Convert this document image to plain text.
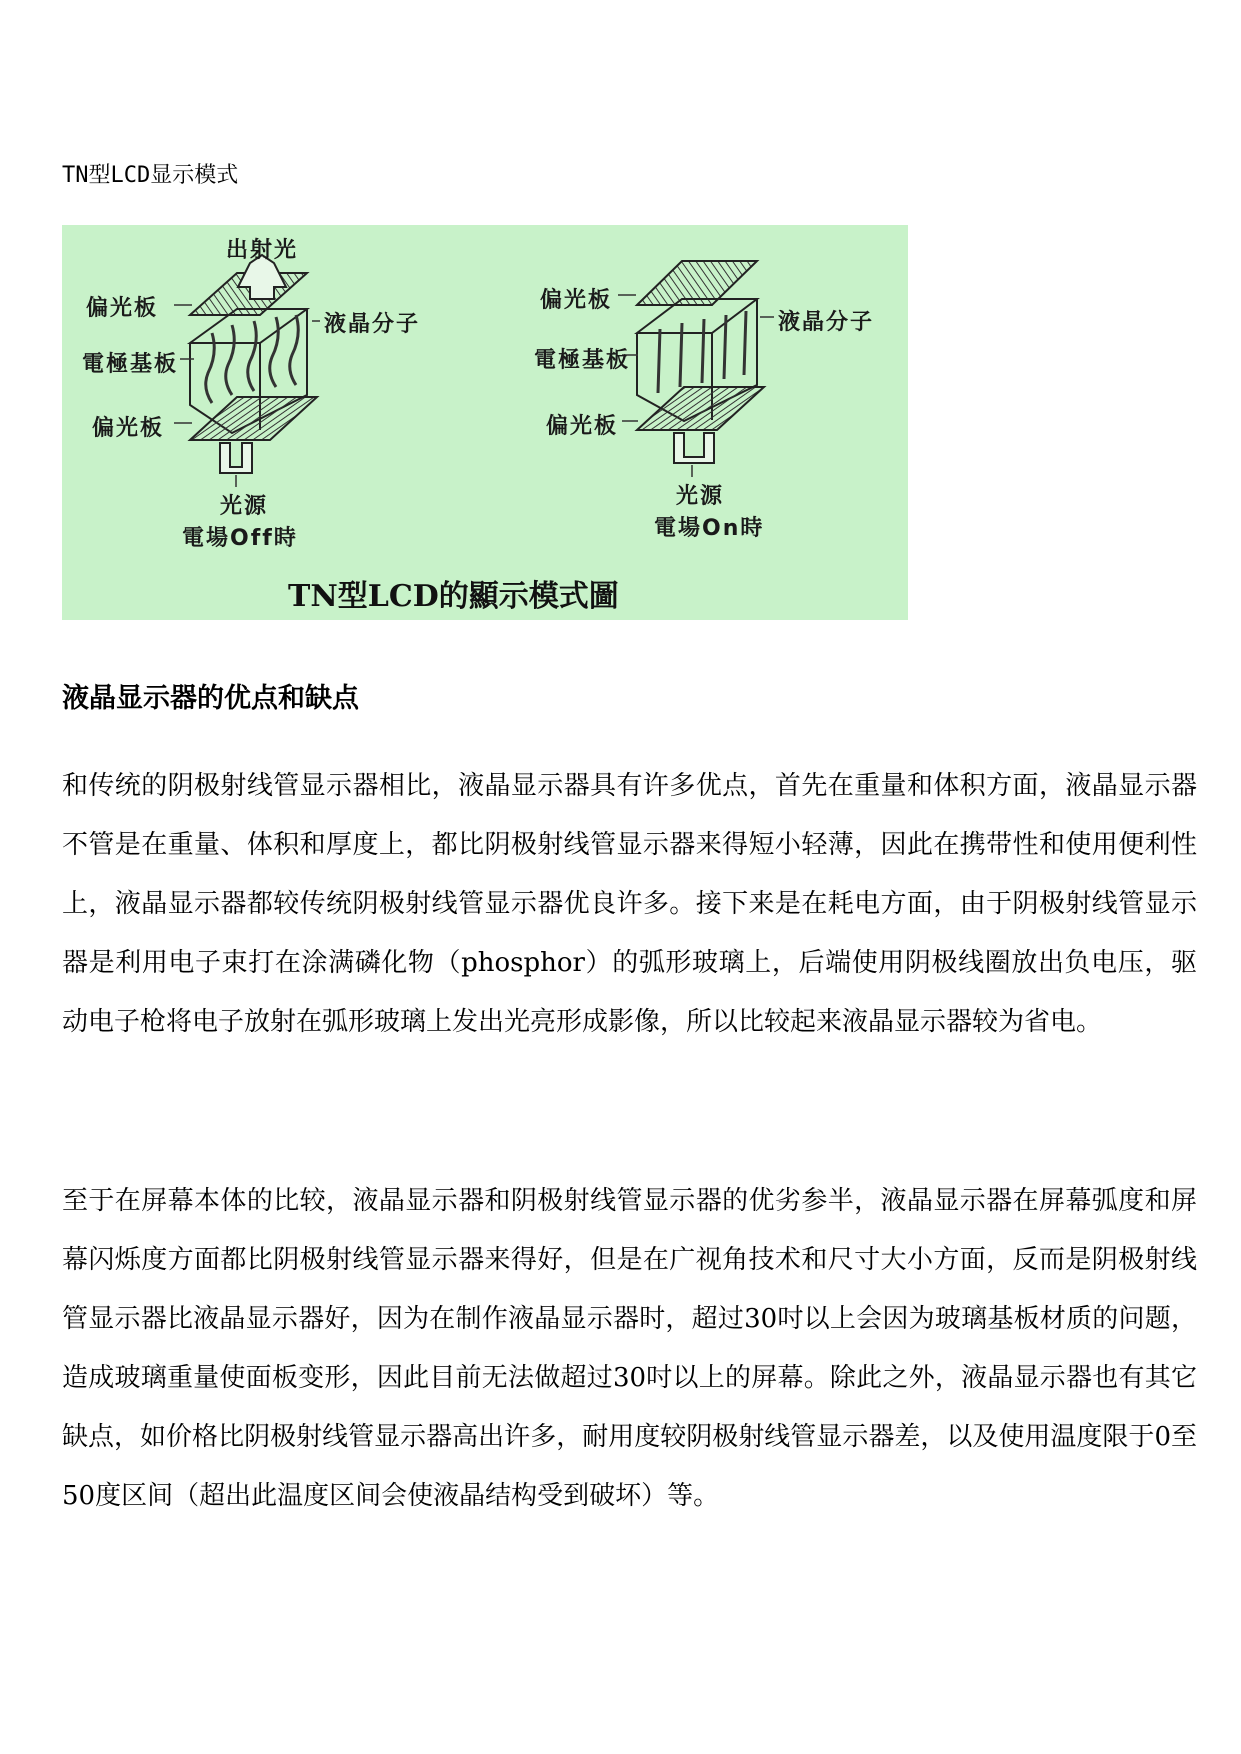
TN型LCD显示模式
出射光
偏光板
液晶分子
電極基板
偏光板
光源
電場Off時
偏光板
液晶分子
電極基板
偏光板
光源
電場On時
TN型LCD的顯示模式圖
液晶显示器的优点和缺点
和传统的阴极射线管显示器相比，液晶显示器具有许多优点，首先在重量和体积方面，液晶显示器不管是在重量、体积和厚度上，都比阴极射线管显示器来得短小轻薄，因此在携带性和使用便利性上，液晶显示器都较传统阴极射线管显示器优良许多。接下来是在耗电方面，由于阴极射线管显示器是利用电子束打在涂满磷化物（phosphor）的弧形玻璃上，后端使用阴极线圈放出负电压，驱动电子枪将电子放射在弧形玻璃上发出光亮形成影像，所以比较起来液晶显示器较为省电。
至于在屏幕本体的比较，液晶显示器和阴极射线管显示器的优劣参半，液晶显示器在屏幕弧度和屏幕闪烁度方面都比阴极射线管显示器来得好，但是在广视角技术和尺寸大小方面，反而是阴极射线管显示器比液晶显示器好，因为在制作液晶显示器时，超过30吋以上会因为玻璃基板材质的问题，造成玻璃重量使面板变形，因此目前无法做超过30吋以上的屏幕。除此之外，液晶显示器也有其它缺点，如价格比阴极射线管显示器高出许多，耐用度较阴极射线管显示器差，以及使用温度限于0至50度区间（超出此温度区间会使液晶结构受到破坏）等。
